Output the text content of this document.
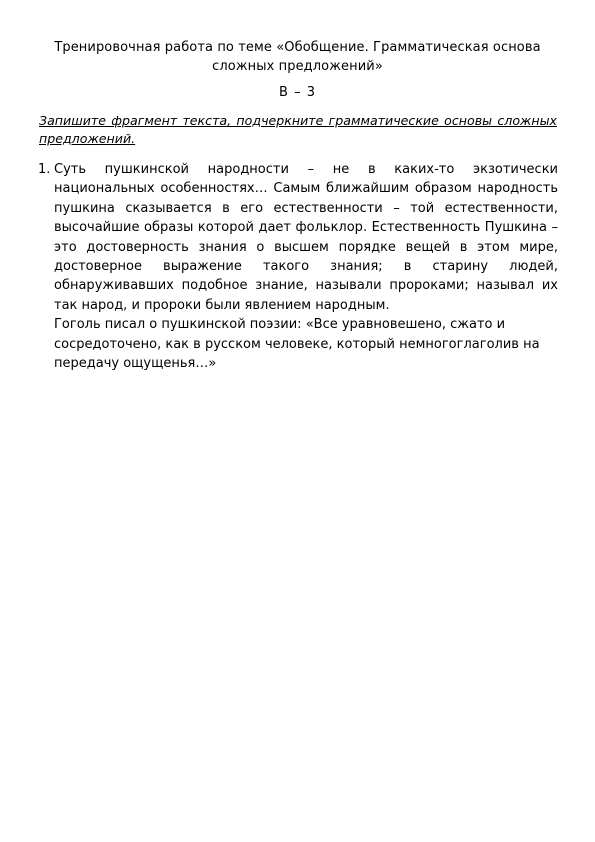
Тренировочная работа по теме «Обобщение. Грамматическая основа сложных предложений»
В – 3
Запишите фрагмент текста, подчеркните грамматические основы сложных предложений.
1. Суть пушкинской народности – не в каких-то экзотически национальных особенностях… Самым ближайшим образом народность пушкина сказывается в его естественности – той естественности, высочайшие образы которой дает фольклор. Естественность Пушкина – это достоверность знания о высшем порядке вещей в этом мире, достоверное выражение такого знания; в старину людей, обнаруживавших подобное знание, называли пророками; называл их так народ, и пророки были явлением народным.

Гоголь писал о пушкинской поэзии: «Все уравновешено, сжато и сосредоточено, как в русском человеке, который немногоглаголив на передачу ощущенья…»
